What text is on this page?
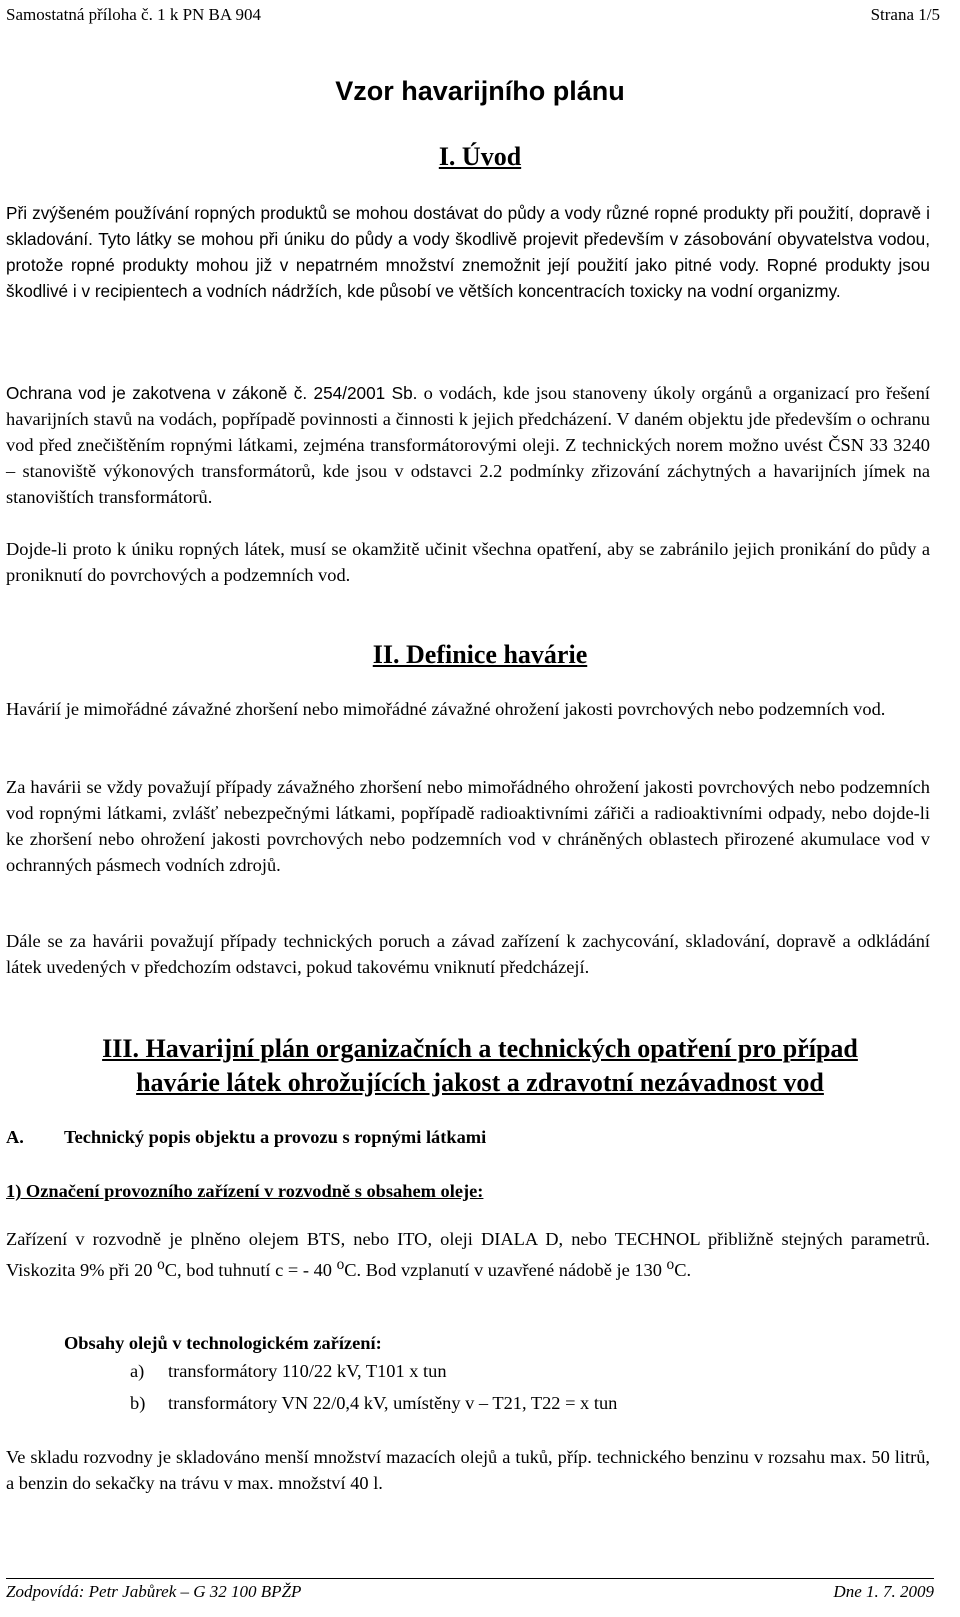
Samostatná příloha č. 1 k PN BA 904	Strana 1/5
Vzor havarijního plánu
I. Úvod
Při zvýšeném používání ropných produktů se mohou dostávat do půdy a vody různé ropné produkty při použití, dopravě i skladování. Tyto látky se mohou při úniku do půdy a vody škodlivě projevit především v zásobování obyvatelstva vodou, protože ropné produkty mohou již v nepatrném množství znemožnit její použití jako pitné vody. Ropné produkty jsou škodlivé i v recipientech a vodních nádržích, kde působí ve větších koncentracích toxicky na vodní organizmy.
Ochrana vod je zakotvena v zákoně č. 254/2001 Sb. o vodách, kde jsou stanoveny úkoly orgánů a organizací pro řešení havarijních stavů na vodách, popřípadě povinnosti a činnosti k jejich předcházení. V daném objektu jde především o ochranu vod před znečištěním ropnými látkami, zejména transformátorovými oleji. Z technických norem možno uvést ČSN 33 3240 – stanoviště výkonových transformátorů, kde jsou v odstavci 2.2 podmínky zřizování záchytných a havarijních jímek na stanovištích transformátorů.
Dojde-li proto k úniku ropných látek, musí se okamžitě učinit všechna opatření, aby se zabránilo jejich pronikání do půdy a proniknutí do povrchových a podzemních vod.
II. Definice havárie
Havárií je mimořádné závažné zhoršení nebo mimořádné závažné ohrožení jakosti povrchových nebo podzemních vod.
Za havárii se vždy považují případy závažného zhoršení nebo mimořádného ohrožení jakosti povrchových nebo podzemních vod ropnými látkami, zvlášť nebezpečnými látkami, popřípadě radioaktivními zářiči a radioaktivními odpady, nebo dojde-li ke zhoršení nebo ohrožení jakosti povrchových nebo podzemních vod v chráněných oblastech přirozené akumulace vod v ochranných pásmech vodních zdrojů.
Dále se za havárii považují případy technických poruch a závad zařízení k zachycování, skladování, dopravě a odkládání látek uvedených v předchozím odstavci, pokud takovému vniknutí předcházejí.
III. Havarijní plán organizačních a technických opatření pro případ
havárie látek ohrožujících jakost a zdravotní nezávadnost vod
A. Technický popis objektu a provozu s ropnými látkami
1) Označení provozního zařízení v rozvodně s obsahem oleje:
Zařízení v rozvodně je plněno olejem BTS, nebo ITO, oleji DIALA D, nebo TECHNOL přibližně stejných parametrů. Viskozita 9% při 20 $^o$C, bod tuhnutí c = - 40 $^o$C. Bod vzplanutí v uzavřené nádobě je 130 $^o$C.
Obsahy olejů v technologickém zařízení:
a) transformátory 110/22 kV, T101 x tun
b) transformátory VN 22/0,4 kV, umístěny v – T21, T22 = x tun
Ve skladu rozvodny je skladováno menší množství mazacích olejů a tuků, příp. technického benzinu v rozsahu max. 50 litrů, a benzin do sekačky na trávu v max. množství 40 l.
Zodpovídá: Petr Jabůrek – G 32 100 BPŽP	Dne 1. 7. 2009
